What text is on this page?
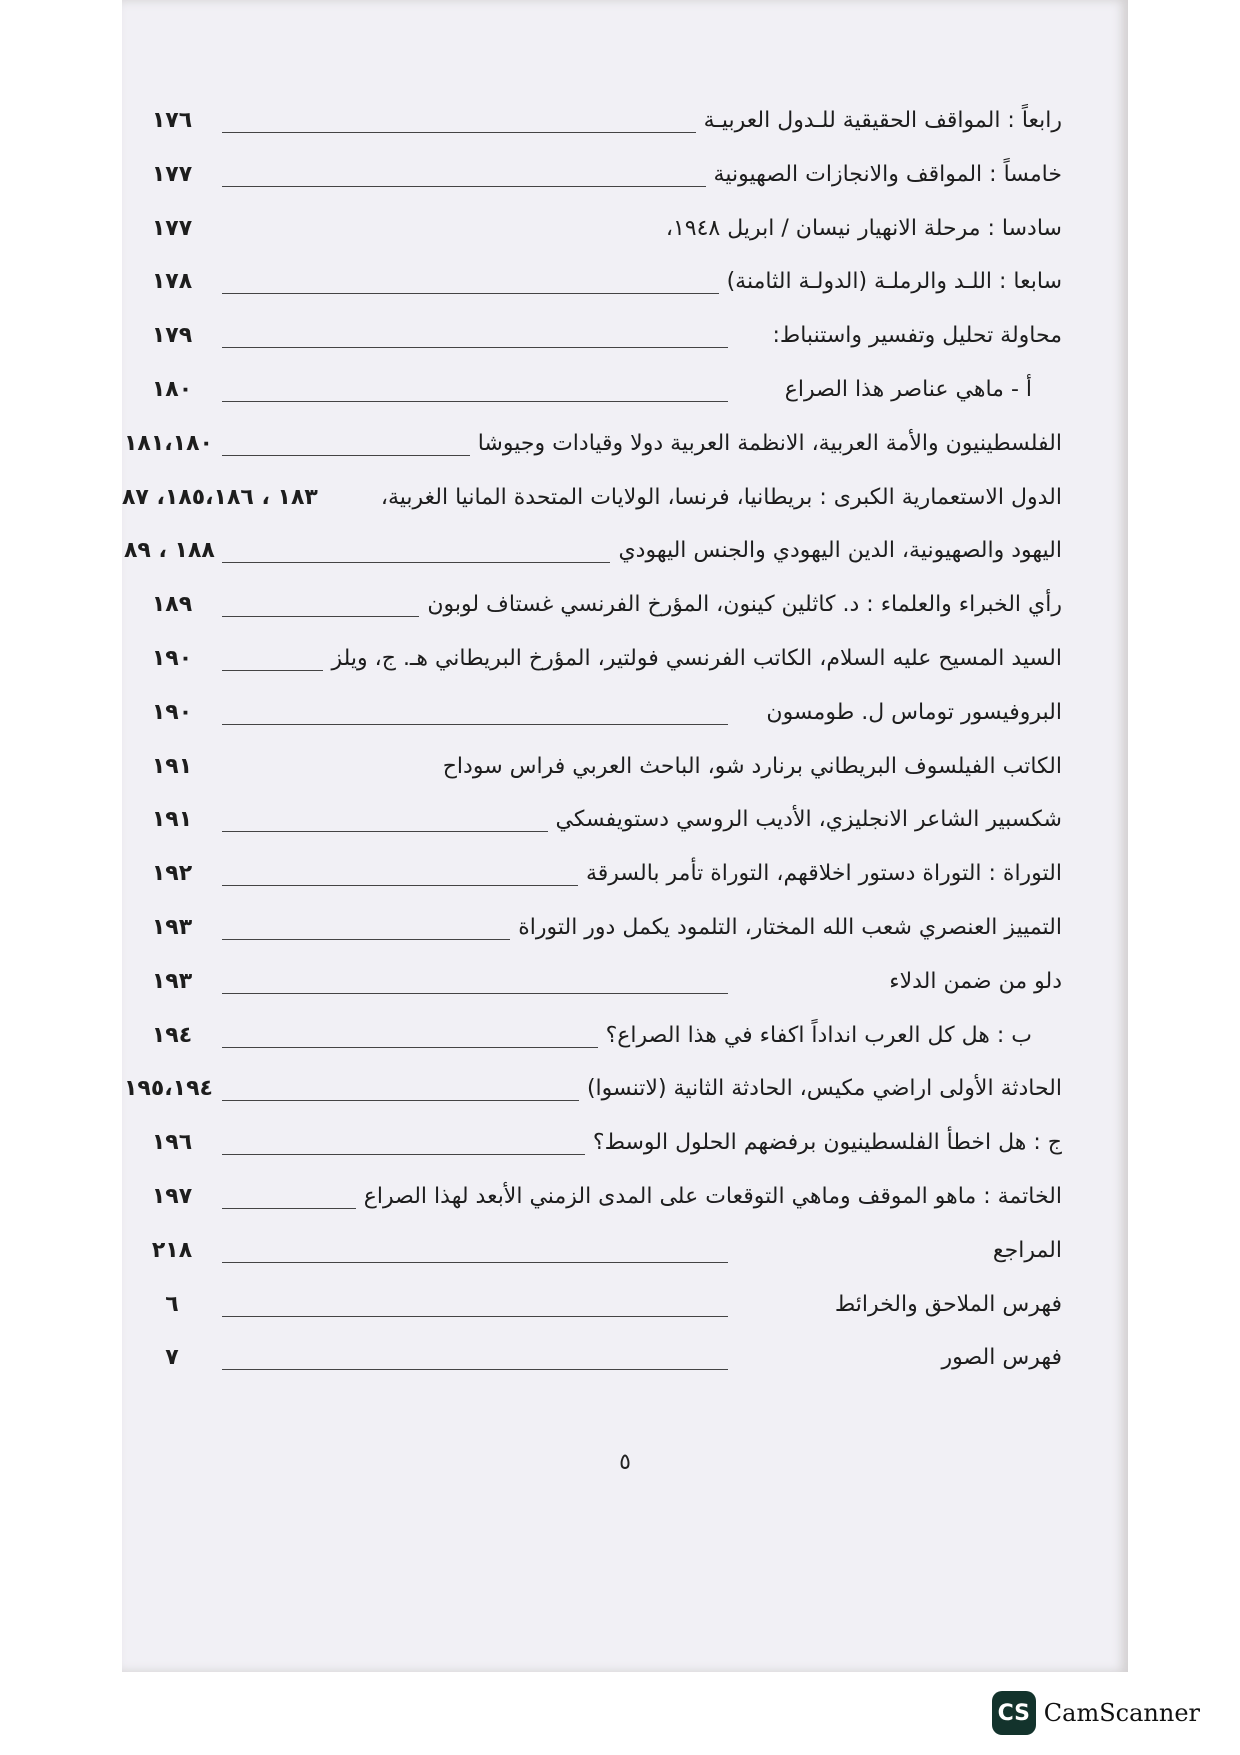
رابعاً : المواقف الحقيقية للـدول العربيـة
١٧٦
خامساً : المواقف والانجازات الصهيونية
١٧٧
سادسا : مرحلة الانهيار نيسان / ابريل ١٩٤٨،
١٧٧
سابعا : اللـد والرملـة (الدولـة الثامنة)
١٧٨
محاولة تحليل وتفسير واستنباط:
١٧٩
أ - ماهي عناصر هذا الصراع
١٨٠
الفلسطينيون والأمة العربية، الانظمة العربية دولا وقيادات وجيوشا
١٨١،١٨٠
الدول الاستعمارية الكبرى : بريطانيا، فرنسا، الولايات المتحدة المانيا الغربية،
١٨٣ ، ١٨٥،١٨٦، ٨٧
اليهود والصهيونية، الدين اليهودي والجنس اليهودي
١٨٨ ، ٨٩
رأي الخبراء والعلماء : د. كاثلين كينون، المؤرخ الفرنسي غستاف لوبون
١٨٩
السيد المسيح عليه السلام، الكاتب الفرنسي فولتير، المؤرخ البريطاني هـ. ج، ويلز
١٩٠
البروفيسور توماس ل. طومسون
١٩٠
الكاتب الفيلسوف البريطاني برنارد شو، الباحث العربي فراس سوداح
١٩١
شكسبير الشاعر الانجليزي، الأديب الروسي دستويفسكي
١٩١
التوراة : التوراة دستور اخلاقهم، التوراة تأمر بالسرقة
١٩٢
التمييز العنصري شعب الله المختار، التلمود يكمل دور التوراة
١٩٣
دلو من ضمن الدلاء
١٩٣
ب : هل كل العرب انداداً اكفاء في هذا الصراع؟
١٩٤
الحادثة الأولى اراضي مكيس، الحادثة الثانية (لاتنسوا)
١٩٥،١٩٤
ج : هل اخطأ الفلسطينيون برفضهم الحلول الوسط؟
١٩٦
الخاتمة : ماهو الموقف وماهي التوقعات على المدى الزمني الأبعد لهذا الصراع
١٩٧
المراجع
٢١٨
فهرس الملاحق والخرائط
٦
فهرس الصور
٧
٥
CS CamScanner
